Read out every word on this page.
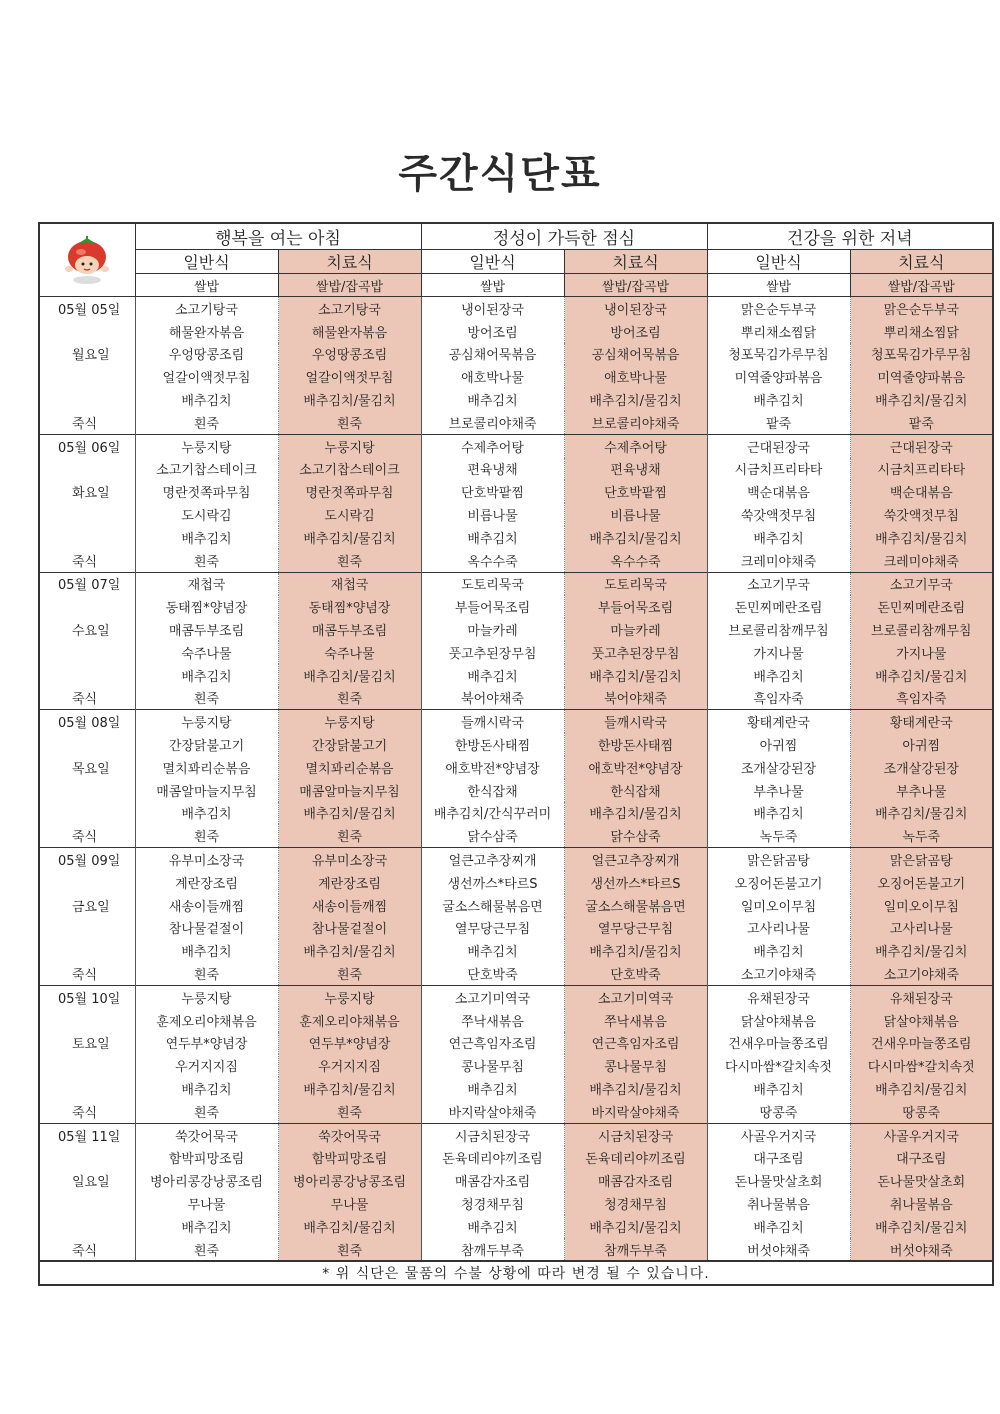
주간식단표
	행복을 여는 아침		정성이 가득한 점심		건강을 위한 저녁	
	일반식	치료식	일반식	치료식	일반식	치료식
	쌀밥	쌀밥/잡곡밥	쌀밥	쌀밥/잡곡밥	쌀밥	쌀밥/잡곡밥
05월 05일	소고기탕국	소고기탕국	냉이된장국	냉이된장국	맑은순두부국	맑은순두부국
	해물완자볶음	해물완자볶음	방어조림	방어조림	뿌리채소찜닭	뿌리채소찜닭
월요일	우엉땅콩조림	우엉땅콩조림	공심채어묵볶음	공심채어묵볶음	청포묵김가루무침	청포묵김가루무침
	얼갈이액젓무침	얼갈이액젓무침	애호박나물	애호박나물	미역줄양파볶음	미역줄양파볶음
	배추김치	배추김치/물김치	배추김치	배추김치/물김치	배추김치	배추김치/물김치
죽식	흰죽	흰죽	브로콜리야채죽	브로콜리야채죽	팥죽	팥죽
05월 06일	누룽지탕	누룽지탕	수제추어탕	수제추어탕	근대된장국	근대된장국
	소고기찹스테이크	소고기찹스테이크	편육냉채	편육냉채	시금치프리타타	시금치프리타타
화요일	명란젓쪽파무침	명란젓쪽파무침	단호박팥찜	단호박팥찜	백순대볶음	백순대볶음
	도시락김	도시락김	비름나물	비름나물	쑥갓액젓무침	쑥갓액젓무침
	배추김치	배추김치/물김치	배추김치	배추김치/물김치	배추김치	배추김치/물김치
죽식	흰죽	흰죽	옥수수죽	옥수수죽	크레미야채죽	크레미야채죽
05월 07일	재첩국	재첩국	도토리묵국	도토리묵국	소고기무국	소고기무국
	동태찜*양념장	동태찜*양념장	부들어묵조림	부들어묵조림	돈민찌메란조림	돈민찌메란조림
수요일	매콤두부조림	매콤두부조림	마늘카레	마늘카레	브로콜리참깨무침	브로콜리참깨무침
	숙주나물	숙주나물	풋고추된장무침	풋고추된장무침	가지나물	가지나물
	배추김치	배추김치/물김치	배추김치	배추김치/물김치	배추김치	배추김치/물김치
죽식	흰죽	흰죽	북어야채죽	북어야채죽	흑임자죽	흑임자죽
05월 08일	누룽지탕	누룽지탕	들깨시락국	들깨시락국	황태계란국	황태계란국
	간장닭불고기	간장닭불고기	한방돈사태찜	한방돈사태찜	아귀찜	아귀찜
목요일	멸치꽈리순볶음	멸치꽈리순볶음	애호박전*양념장	애호박전*양념장	조개살강된장	조개살강된장
	매콤알마늘지무침	매콤알마늘지무침	한식잡채	한식잡채	부추나물	부추나물
	배추김치	배추김치/물김치	배추김치/간식꾸러미	배추김치/물김치	배추김치	배추김치/물김치
죽식	흰죽	흰죽	닭수삼죽	닭수삼죽	녹두죽	녹두죽
05월 09일	유부미소장국	유부미소장국	얼큰고추장찌개	얼큰고추장찌개	맑은닭곰탕	맑은닭곰탕
	계란장조림	계란장조림	생선까스*타르S	생선까스*타르S	오징어돈불고기	오징어돈불고기
금요일	새송이들깨찜	새송이들깨찜	굴소스해물볶음면	굴소스해물볶음면	일미오이무침	일미오이무침
	참나물겉절이	참나물겉절이	열무당근무침	열무당근무침	고사리나물	고사리나물
	배추김치	배추김치/물김치	배추김치	배추김치/물김치	배추김치	배추김치/물김치
죽식	흰죽	흰죽	단호박죽	단호박죽	소고기야채죽	소고기야채죽
05월 10일	누룽지탕	누룽지탕	소고기미역국	소고기미역국	유채된장국	유채된장국
	훈제오리야채볶음	훈제오리야채볶음	쭈낙새볶음	쭈낙새볶음	닭살야채볶음	닭살야채볶음
토요일	연두부*양념장	연두부*양념장	연근흑임자조림	연근흑임자조림	건새우마늘쫑조림	건새우마늘쫑조림
	우거지지짐	우거지지짐	콩나물무침	콩나물무침	다시마쌈*갈치속젓	다시마쌈*갈치속젓
	배추김치	배추김치/물김치	배추김치	배추김치/물김치	배추김치	배추김치/물김치
죽식	흰죽	흰죽	바지락살야채죽	바지락살야채죽	땅콩죽	땅콩죽
05월 11일	쑥갓어묵국	쑥갓어묵국	시금치된장국	시금치된장국	사골우거지국	사골우거지국
	함박피망조림	함박피망조림	돈육데리야끼조림	돈육데리야끼조림	대구조림	대구조림
일요일	병아리콩강낭콩조림	병아리콩강낭콩조림	매콤감자조림	매콤감자조림	돈나물맛살초회	돈나물맛살초회
	무나물	무나물	청경채무침	청경채무침	취나물볶음	취나물볶음
	배추김치	배추김치/물김치	배추김치	배추김치/물김치	배추김치	배추김치/물김치
죽식	흰죽	흰죽	참깨두부죽	참깨두부죽	버섯야채죽	버섯야채죽
* 위 식단은 물품의 수불 상황에 따라 변경 될 수 있습니다.						
